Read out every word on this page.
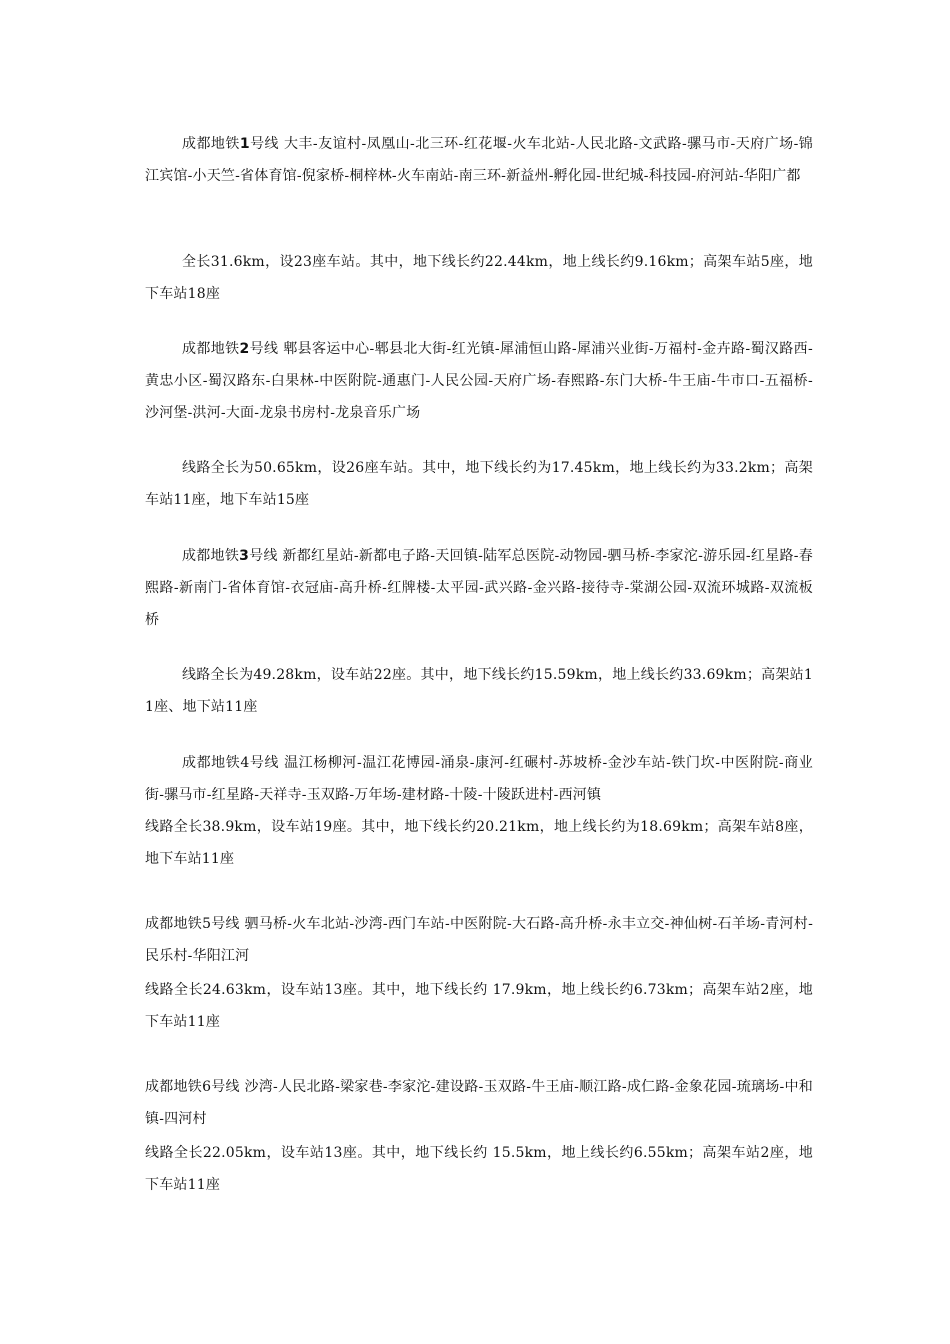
成都地铁1号线 大丰-友谊村-凤凰山-北三环-红花堰-火车北站-人民北路-文武路-骡马市-天府广场-锦江宾馆-小天竺-省体育馆-倪家桥-桐梓林-火车南站-南三环-新益州-孵化园-世纪城-科技园-府河站-华阳广都

全长31.6km，设23座车站。其中，地下线长约22.44km，地上线长约9.16km；高架车站5座，地下车站18座

成都地铁2号线 郫县客运中心-郫县北大街-红光镇-犀浦恒山路-犀浦兴业街-万福村-金卉路-蜀汉路西-黄忠小区-蜀汉路东-白果林-中医附院-通惠门-人民公园-天府广场-春熙路-东门大桥-牛王庙-牛市口-五福桥-沙河堡-洪河-大面-龙泉书房村-龙泉音乐广场

线路全长为50.65km，设26座车站。其中，地下线长约为17.45km，地上线长约为33.2km；高架车站11座，地下车站15座

成都地铁3号线 新都红星站-新都电子路-天回镇-陆军总医院-动物园-驷马桥-李家沱-游乐园-红星路-春熙路-新南门-省体育馆-衣冠庙-高升桥-红牌楼-太平园-武兴路-金兴路-接待寺-棠湖公园-双流环城路-双流板桥

线路全长为49.28km，设车站22座。其中，地下线长约15.59km，地上线长约33.69km；高架站11座、地下站11座

成都地铁4号线 温江杨柳河-温江花博园-涌泉-康河-红碾村-苏坡桥-金沙车站-铁门坎-中医附院-商业街-骡马市-红星路-天祥寺-玉双路-万年场-建材路-十陵-十陵跃进村-西河镇

线路全长38.9km，设车站19座。其中，地下线长约20.21km，地上线长约为18.69km；高架车站8座，地下车站11座

成都地铁5号线 驷马桥-火车北站-沙湾-西门车站-中医附院-大石路-高升桥-永丰立交-神仙树-石羊场-青河村-民乐村-华阳江河

线路全长24.63km，设车站13座。其中，地下线长约 17.9km，地上线长约6.73km；高架车站2座，地下车站11座

成都地铁6号线 沙湾-人民北路-梁家巷-李家沱-建设路-玉双路-牛王庙-顺江路-成仁路-金象花园-琉璃场-中和镇-四河村

线路全长22.05km，设车站13座。其中，地下线长约 15.5km，地上线长约6.55km；高架车站2座，地下车站11座
